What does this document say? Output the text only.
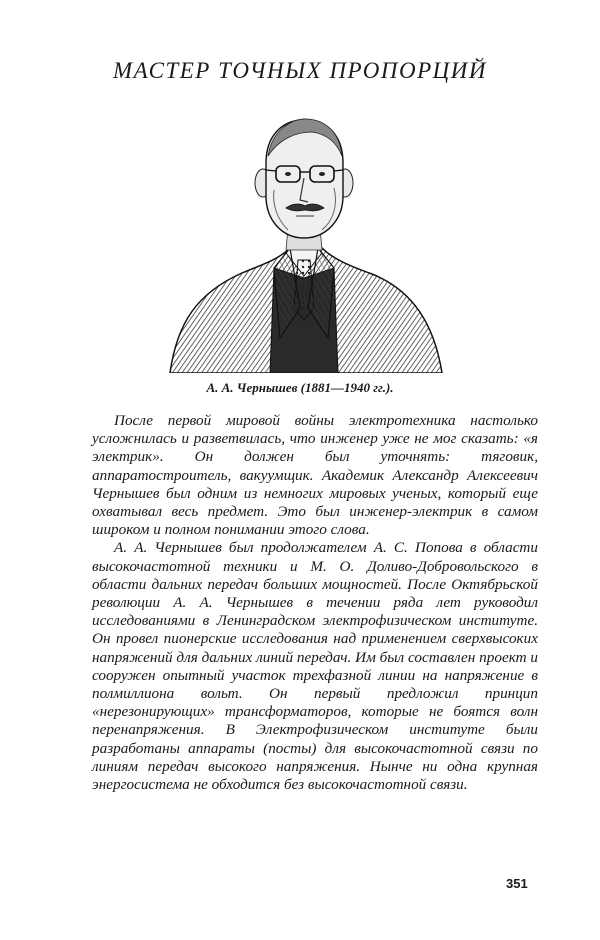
МАСТЕР ТОЧНЫХ ПРОПОРЦИЙ
А. А. Чернышев (1881—1940 гг.).

После первой мировой войны электротехника настолько усложнилась и разветвилась, что инженер уже не мог сказать: «я электрик». Он должен был уточнять: тяговик, аппаратостроитель, вакуумщик. Академик Александр Алексеевич Чернышев был одним из немногих мировых ученых, который еще охватывал весь предмет. Это был инженер-электрик в самом широком и полном понимании этого слова.

А. А. Чернышев был продолжателем А. С. Попова в области высокочастотной техники и М. О. Доливо-Добровольского в области дальних передач больших мощностей. После Октябрьской революции А. А. Чернышев в течении ряда лет руководил исследованиями в Ленинградском электрофизическом институте. Он провел пионерские исследования над применением сверхвысоких напряжений для дальних линий передач. Им был составлен проект и сооружен опытный участок трехфазной линии на напряжение в полмиллиона вольт. Он первый предложил принцип «нерезонирующих» трансформаторов, которые не боятся волн перенапряжения. В Электрофизическом институте были разработаны аппараты (посты) для высокочастотной связи по линиям передач высокого напряжения. Нынче ни одна крупная энергосистема не обходится без высокочастотной связи.

351
